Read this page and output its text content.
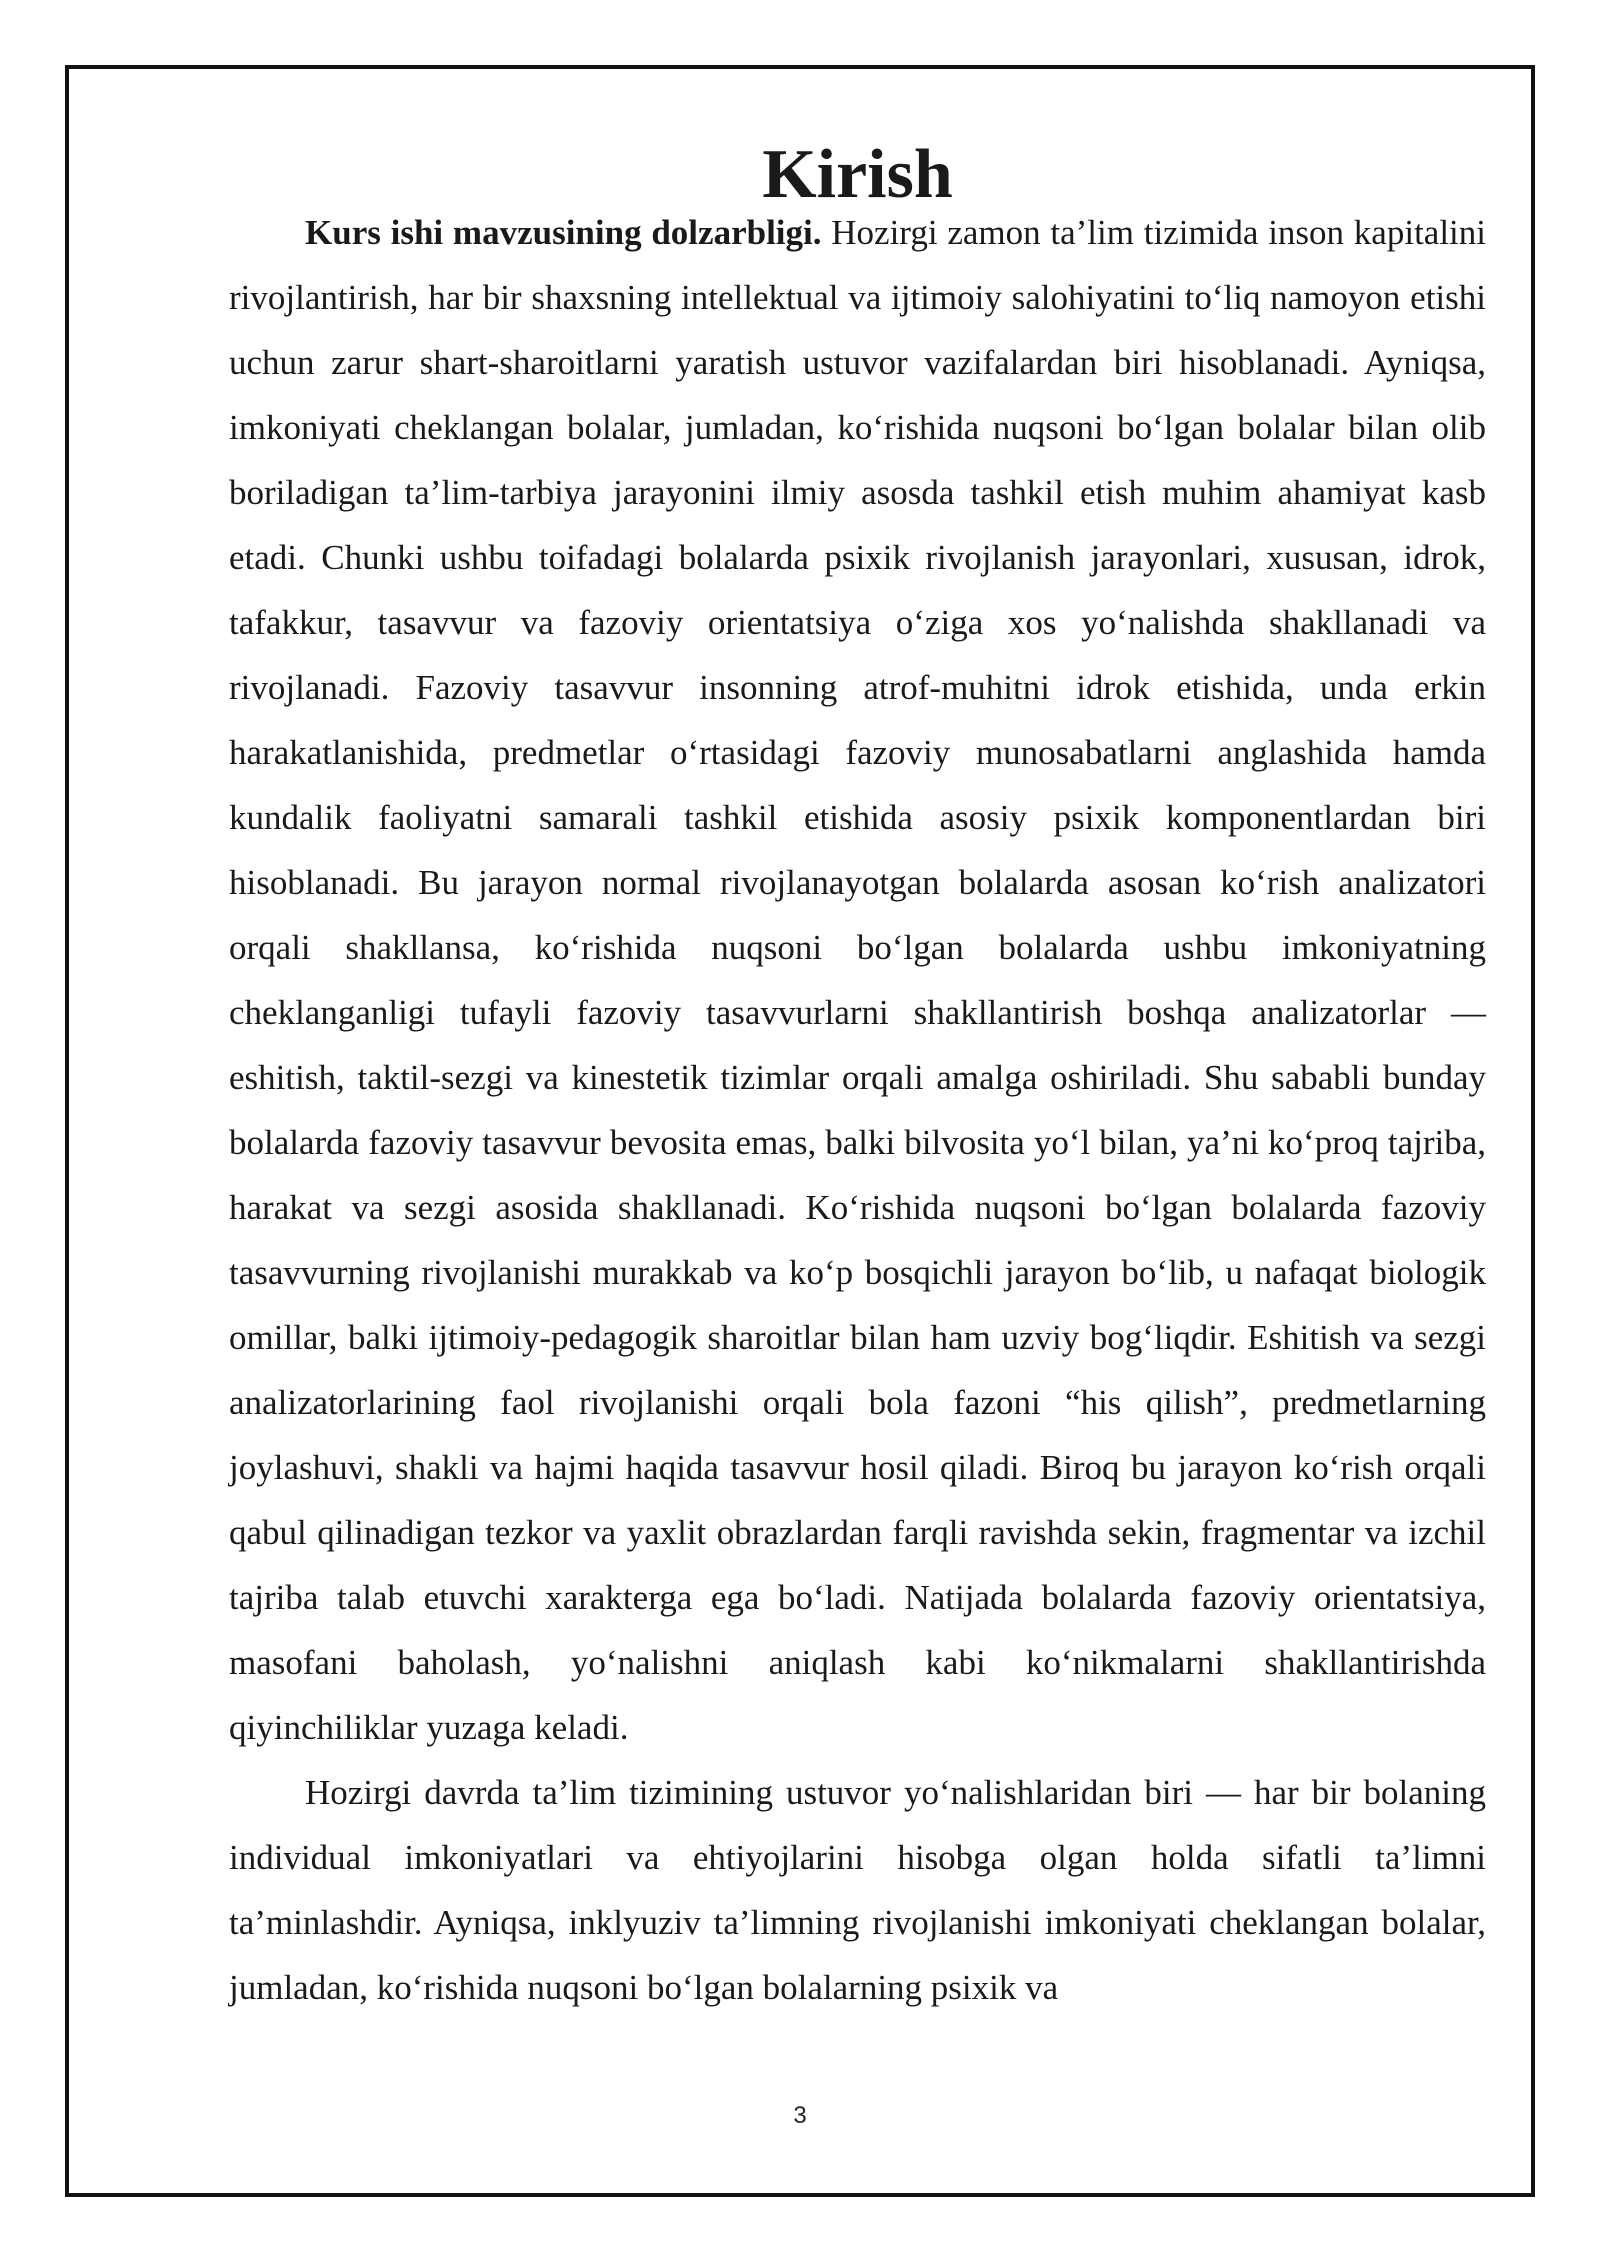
Kirish

Kurs ishi mavzusining dolzarbligi. Hozirgi zamon ta’lim tizimida inson kapitalini rivojlantirish, har bir shaxsning intellektual va ijtimoiy salohiyatini to‘liq namoyon etishi uchun zarur shart-sharoitlarni yaratish ustuvor vazifalardan biri hisoblanadi. Ayniqsa, imkoniyati cheklangan bolalar, jumladan, ko‘rishida nuqsoni bo‘lgan bolalar bilan olib boriladigan ta’lim-tarbiya jarayonini ilmiy asosda tashkil etish muhim ahamiyat kasb etadi. Chunki ushbu toifadagi bolalarda psixik rivojlanish jarayonlari, xususan, idrok, tafakkur, tasavvur va fazoviy orientatsiya o‘ziga xos yo‘nalishda shakllanadi va rivojlanadi. Fazoviy tasavvur insonning atrof-muhitni idrok etishida, unda erkin harakatlanishida, predmetlar o‘rtasidagi fazoviy munosabatlarni anglashida hamda kundalik faoliyatni samarali tashkil etishida asosiy psixik komponentlardan biri hisoblanadi. Bu jarayon normal rivojlanayotgan bolalarda asosan ko‘rish analizatori orqali shakllansa, ko‘rishida nuqsoni bo‘lgan bolalarda ushbu imkoniyatning cheklanganligi tufayli fazoviy tasavvurlarni shakllantirish boshqa analizatorlar — eshitish, taktil-sezgi va kinestetik tizimlar orqali amalga oshiriladi. Shu sababli bunday bolalarda fazoviy tasavvur bevosita emas, balki bilvosita yo‘l bilan, ya’ni ko‘proq tajriba, harakat va sezgi asosida shakllanadi. Ko‘rishida nuqsoni bo‘lgan bolalarda fazoviy tasavvurning rivojlanishi murakkab va ko‘p bosqichli jarayon bo‘lib, u nafaqat biologik omillar, balki ijtimoiy-pedagogik sharoitlar bilan ham uzviy bog‘liqdir. Eshitish va sezgi analizatorlarining faol rivojlanishi orqali bola fazoni “his qilish”, predmetlarning joylashuvi, shakli va hajmi haqida tasavvur hosil qiladi. Biroq bu jarayon ko‘rish orqali qabul qilinadigan tezkor va yaxlit obrazlardan farqli ravishda sekin, fragmentar va izchil tajriba talab etuvchi xarakterga ega bo‘ladi. Natijada bolalarda fazoviy orientatsiya, masofani baholash, yo‘nalishni aniqlash kabi ko‘nikmalarni shakllantirishda qiyinchiliklar yuzaga keladi.

Hozirgi davrda ta’lim tizimining ustuvor yo‘nalishlaridan biri — har bir bolaning individual imkoniyatlari va ehtiyojlarini hisobga olgan holda sifatli ta’limni ta’minlashdir. Ayniqsa, inklyuziv ta’limning rivojlanishi imkoniyati cheklangan bolalar, jumladan, ko‘rishida nuqsoni bo‘lgan bolalarning psixik va

3
